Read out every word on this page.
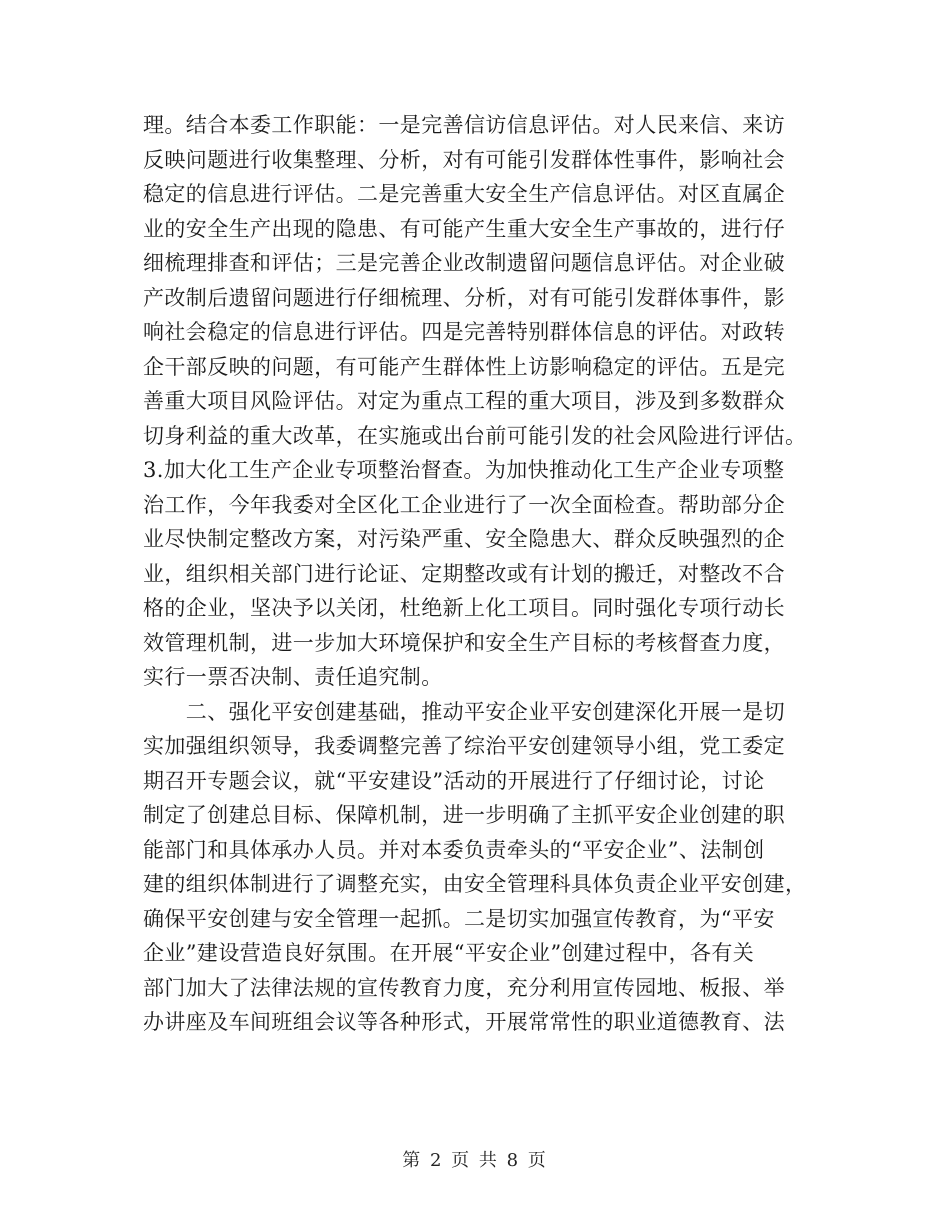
理。结合本委工作职能：一是完善信访信息评估。对人民来信、来访
反映问题进行收集整理、分析，对有可能引发群体性事件，影响社会
稳定的信息进行评估。二是完善重大安全生产信息评估。对区直属企
业的安全生产出现的隐患、有可能产生重大安全生产事故的，进行仔
细梳理排查和评估；三是完善企业改制遗留问题信息评估。对企业破
产改制后遗留问题进行仔细梳理、分析，对有可能引发群体事件，影
响社会稳定的信息进行评估。四是完善特别群体信息的评估。对政转
企干部反映的问题，有可能产生群体性上访影响稳定的评估。五是完
善重大项目风险评估。对定为重点工程的重大项目，涉及到多数群众
切身利益的重大改革，在实施或出台前可能引发的社会风险进行评估。
3.加大化工生产企业专项整治督查。为加快推动化工生产企业专项整
治工作，今年我委对全区化工企业进行了一次全面检查。帮助部分企
业尽快制定整改方案，对污染严重、安全隐患大、群众反映强烈的企
业，组织相关部门进行论证、定期整改或有计划的搬迁，对整改不合
格的企业，坚决予以关闭，杜绝新上化工项目。同时强化专项行动长
效管理机制，进一步加大环境保护和安全生产目标的考核督查力度，
实行一票否决制、责任追究制。
　　二、强化平安创建基础，推动平安企业平安创建深化开展一是切
实加强组织领导，我委调整完善了综治平安创建领导小组，党工委定
期召开专题会议，就“平安建设”活动的开展进行了仔细讨论，讨论
制定了创建总目标、保障机制，进一步明确了主抓平安企业创建的职
能部门和具体承办人员。并对本委负责牵头的“平安企业”、法制创
建的组织体制进行了调整充实，由安全管理科具体负责企业平安创建，
确保平安创建与安全管理一起抓。二是切实加强宣传教育，为“平安
企业”建设营造良好氛围。在开展“平安企业”创建过程中，各有关
部门加大了法律法规的宣传教育力度，充分利用宣传园地、板报、举
办讲座及车间班组会议等各种形式，开展常常性的职业道德教育、法
第 2 页 共 8 页
